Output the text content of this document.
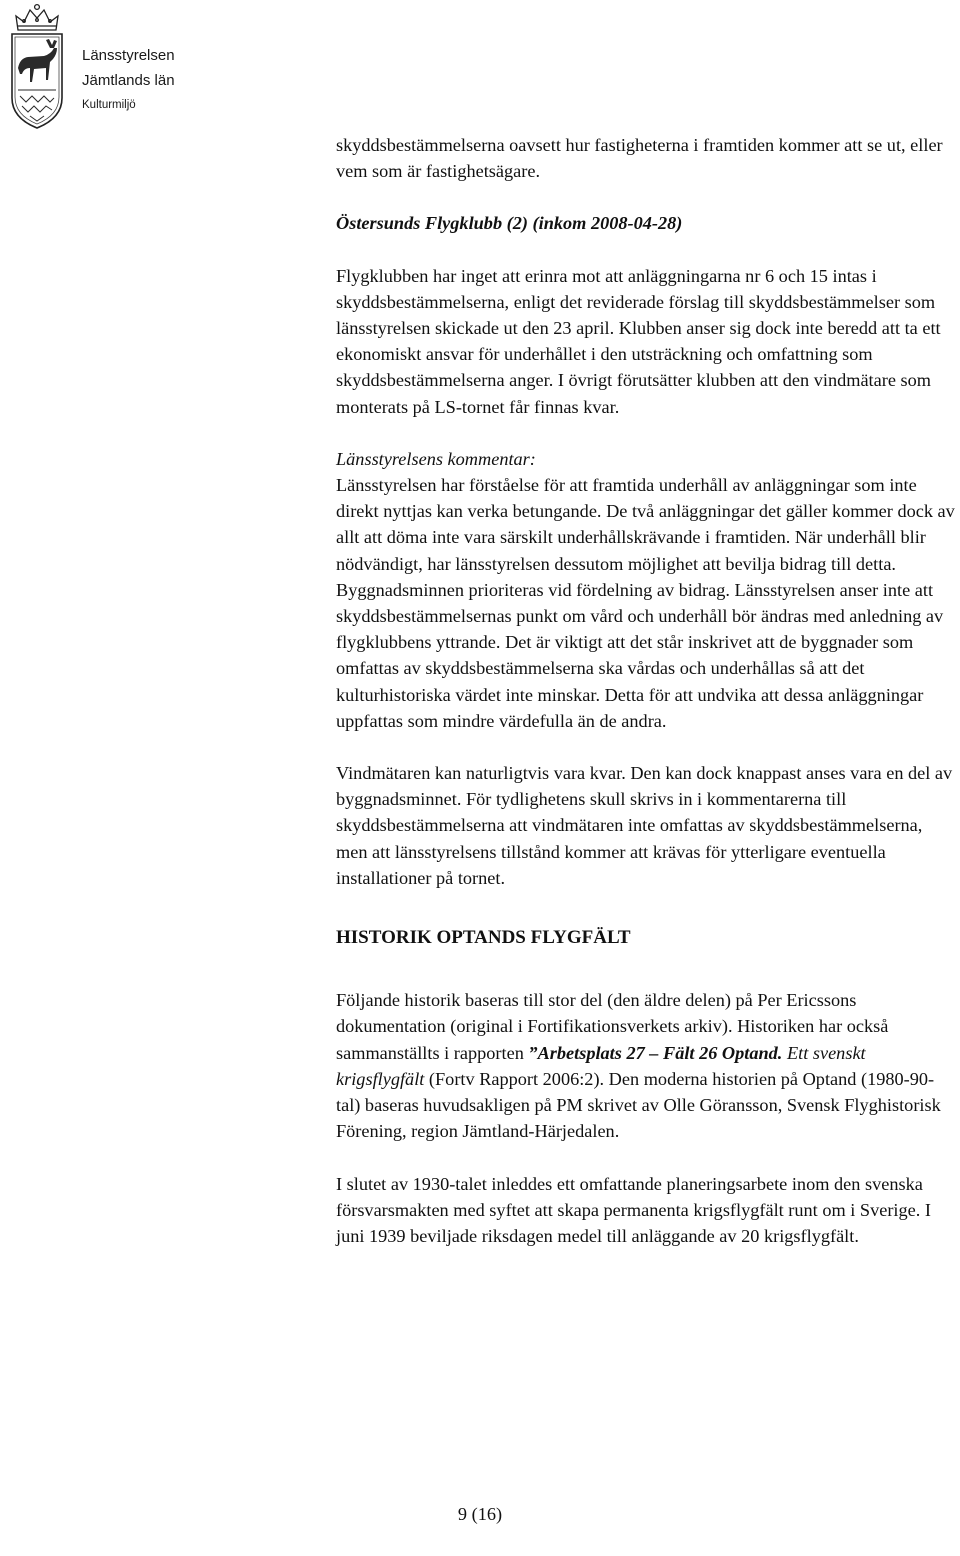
Länsstyrelsen
Jämtlands län
Kulturmiljö

skyddsbestämmelserna oavsett hur fastigheterna i framtiden kommer att se ut, eller vem som är fastighetsägare.

Östersunds Flygklubb (2) (inkom 2008-04-28)

Flygklubben har inget att erinra mot att anläggningarna nr 6 och 15 intas i skyddsbestämmelserna, enligt det reviderade förslag till skyddsbestämmelser som länsstyrelsen skickade ut den 23 april. Klubben anser sig dock inte beredd att ta ett ekonomiskt ansvar för underhållet i den utsträckning och omfattning som skyddsbestämmelserna anger. I övrigt förutsätter klubben att den vindmätare som monterats på LS-tornet får finnas kvar.

Länsstyrelsens kommentar:

Länsstyrelsen har förståelse för att framtida underhåll av anläggningar som inte direkt nyttjas kan verka betungande. De två anläggningar det gäller kommer dock av allt att döma inte vara särskilt underhållskrävande i framtiden. När underhåll blir nödvändigt, har länsstyrelsen dessutom möjlighet att bevilja bidrag till detta. Byggnadsminnen prioriteras vid fördelning av bidrag. Länsstyrelsen anser inte att skyddsbestämmelsernas punkt om vård och underhåll bör ändras med anledning av flygklubbens yttrande. Det är viktigt att det står inskrivet att de byggnader som omfattas av skyddsbestämmelserna ska vårdas och underhållas så att det kulturhistoriska värdet inte minskar. Detta för att undvika att dessa anläggningar uppfattas som mindre värdefulla än de andra.

Vindmätaren kan naturligtvis vara kvar. Den kan dock knappast anses vara en del av byggnadsminnet. För tydlighetens skull skrivs in i kommentarerna till skyddsbestämmelserna att vindmätaren inte omfattas av skyddsbestämmelserna, men att länsstyrelsens tillstånd kommer att krävas för ytterligare eventuella installationer på tornet.

HISTORIK OPTANDS FLYGFÄLT

Följande historik baseras till stor del (den äldre delen) på Per Ericssons dokumentation (original i Fortifikationsverkets arkiv). Historiken har också sammanställts i rapporten ”Arbetsplats 27 – Fält 26 Optand. Ett svenskt krigsflygfält (Fortv Rapport 2006:2). Den moderna historien på Optand (1980-90-tal) baseras huvudsakligen på PM skrivet av Olle Göransson, Svensk Flyghistorisk Förening, region Jämtland-Härjedalen.

I slutet av 1930-talet inleddes ett omfattande planeringsarbete inom den svenska försvarsmakten med syftet att skapa permanenta krigsflygfält runt om i Sverige. I juni 1939 beviljade riksdagen medel till anläggande av 20 krigsflygfält.

9 (16)
